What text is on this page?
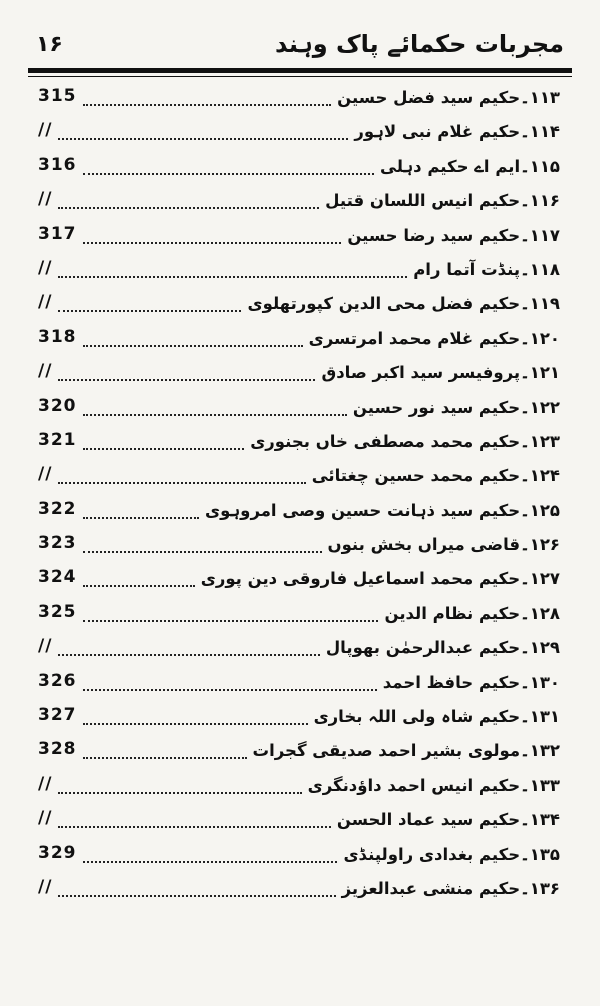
مجربات حکمائے پاک وہند
۱۶
۱۱۳۔حکیم سید فضل حسین
315
۱۱۴۔حکیم غلام نبی لاہور
//
۱۱۵۔ایم اے حکیم دہلی
316
۱۱۶۔حکیم انیس اللسان قتیل
//
۱۱۷۔حکیم سید رضا حسین
317
۱۱۸۔پنڈت آتما رام
//
۱۱۹۔حکیم فضل محی الدین کپورتھلوی
//
۱۲۰۔حکیم غلام محمد امرتسری
318
۱۲۱۔پروفیسر سید اکبر صادق
//
۱۲۲۔حکیم سید نور حسین
320
۱۲۳۔حکیم محمد مصطفی خاں بجنوری
321
۱۲۴۔حکیم محمد حسین چغتائی
//
۱۲۵۔حکیم سید ذہانت حسین وصی امروہوی
322
۱۲۶۔قاضی میراں بخش بنوں
323
۱۲۷۔حکیم محمد اسماعیل فاروقی دین پوری
324
۱۲۸۔حکیم نظام الدین
325
۱۲۹۔حکیم عبدالرحمٰن بھوپال
//
۱۳۰۔حکیم حافظ احمد
326
۱۳۱۔حکیم شاہ ولی اللہ بخاری
327
۱۳۲۔مولوی بشیر احمد صدیقی گجرات
328
۱۳۳۔حکیم انیس احمد داؤدنگری
//
۱۳۴۔حکیم سید عماد الحسن
//
۱۳۵۔حکیم بغدادی راولپنڈی
329
۱۳۶۔حکیم منشی عبدالعزیز
//
